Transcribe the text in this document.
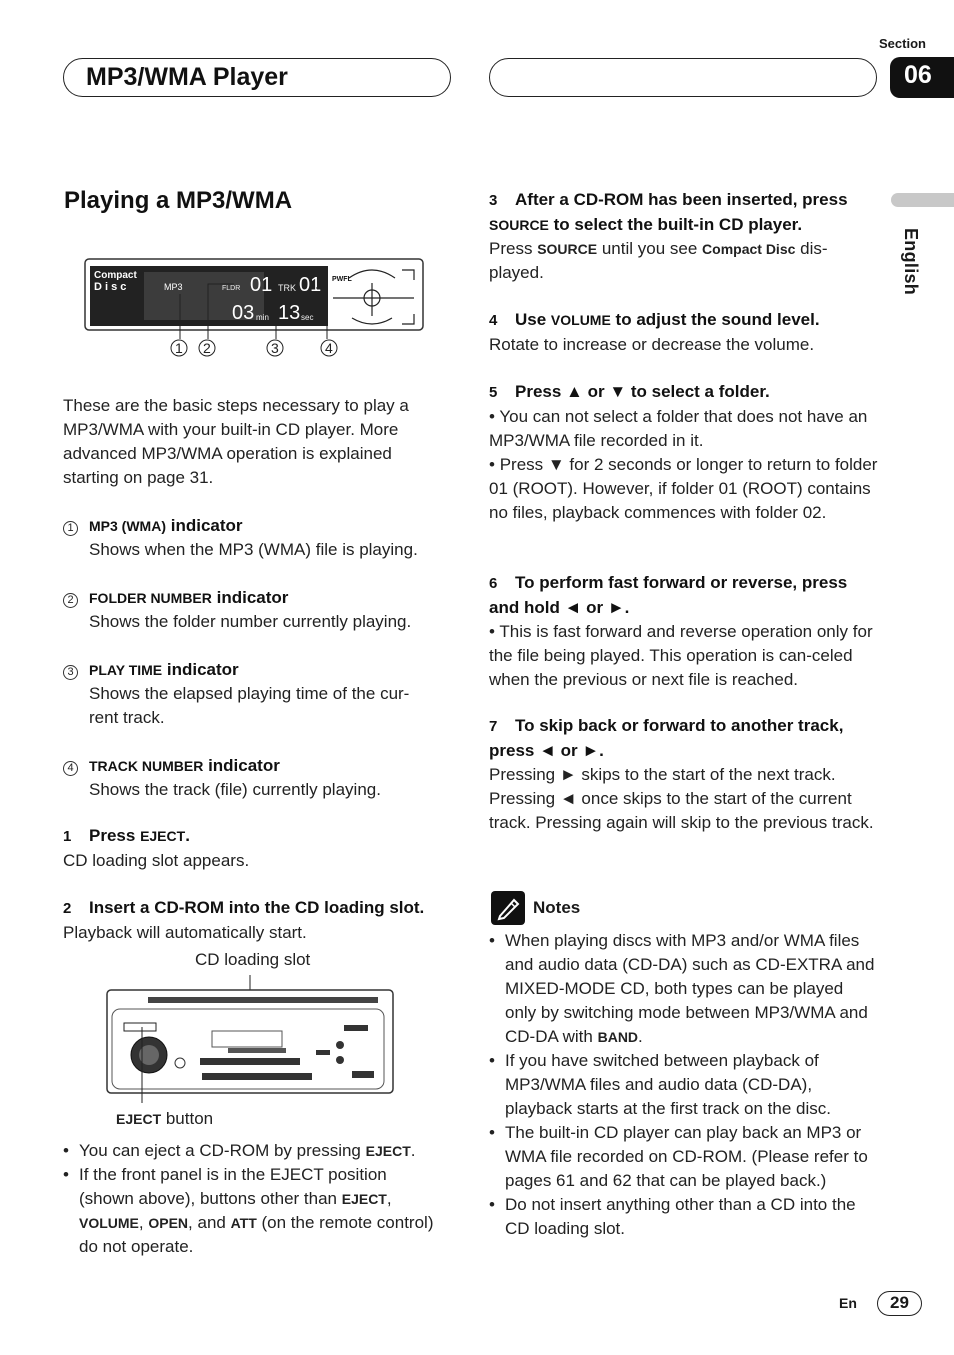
Section
MP3/WMA Player	06
English
Playing a MP3/WMA
Compact
D i s c	MP3	FLDR 01 TRK 01
03 min 13 sec
PWFL
1 2	3	4

These are the basic steps necessary to play a MP3/WMA with your built-in CD player. More advanced MP3/WMA operation is explained starting on page 31.

1	MP3 (WMA) indicator
Shows when the MP3 (WMA) file is playing.
2	FOLDER NUMBER indicator
Shows the folder number currently playing.
3	PLAY TIME indicator
Shows the elapsed playing time of the cur-rent track.
4	TRACK NUMBER indicator
Shows the track (file) currently playing.
1 Press EJECT.
CD loading slot appears.
2 Insert a CD-ROM into the CD loading slot.
Playback will automatically start.
CD loading slot
EJECT button
• You can eject a CD-ROM by pressing EJECT.
• If the front panel is in the EJECT position (shown above), buttons other than EJECT, VOLUME, OPEN, and ATT (on the remote control) do not operate.
3 After a CD-ROM has been inserted, press SOURCE to select the built-in CD player.
Press SOURCE until you see Compact Disc dis-played.
4 Use VOLUME to adjust the sound level.
Rotate to increase or decrease the volume.
5 Press ▲ or ▼ to select a folder.
• You can not select a folder that does not have an MP3/WMA file recorded in it.
• Press ▼ for 2 seconds or longer to return to folder 01 (ROOT). However, if folder 01 (ROOT) contains no files, playback commences with folder 02.
6 To perform fast forward or reverse, press and hold ◄ or ►.
• This is fast forward and reverse operation only for the file being played. This operation is can-celed when the previous or next file is reached.
7 To skip back or forward to another track, press ◄ or ►.
Pressing ► skips to the start of the next track. Pressing ◄ once skips to the start of the current track. Pressing again will skip to the previous track.
Notes
• When playing discs with MP3 and/or WMA files and audio data (CD-DA) such as CD-EXTRA and MIXED-MODE CD, both types can be played only by switching mode between MP3/WMA and CD-DA with BAND.
• If you have switched between playback of MP3/WMA files and audio data (CD-DA), playback starts at the first track on the disc.
• The built-in CD player can play back an MP3 or WMA file recorded on CD-ROM. (Please refer to pages 61 and 62 that can be played back.)
• Do not insert anything other than a CD into the CD loading slot.
En	29
